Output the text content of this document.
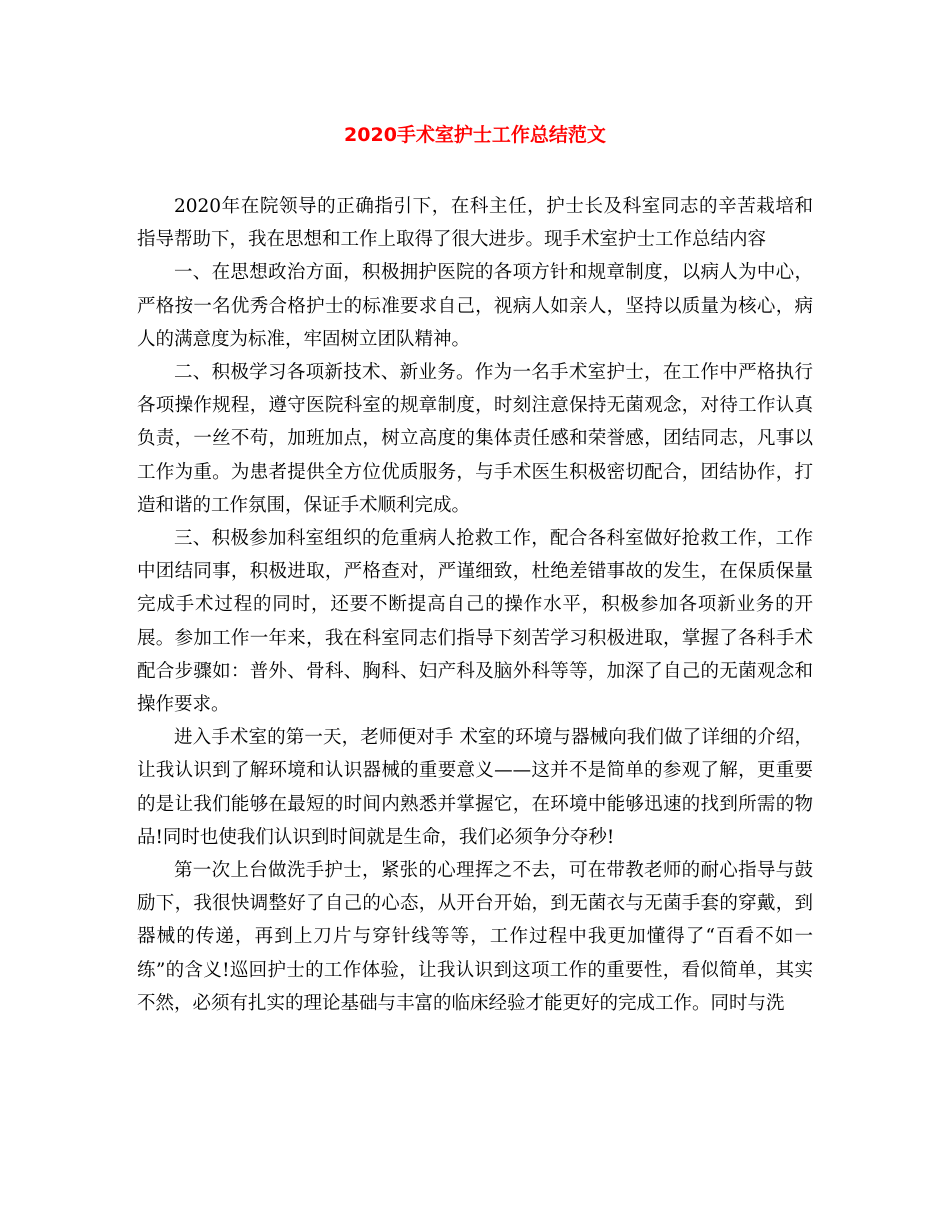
2020手术室护士工作总结范文

2020年在院领导的正确指引下，在科主任，护士长及科室同志的辛苦栽培和指导帮助下，我在思想和工作上取得了很大进步。现手术室护士工作总结内容

一、在思想政治方面，积极拥护医院的各项方针和规章制度，以病人为中心，严格按一名优秀合格护士的标准要求自己，视病人如亲人，坚持以质量为核心，病人的满意度为标准，牢固树立团队精神。

二、积极学习各项新技术、新业务。作为一名手术室护士，在工作中严格执行各项操作规程，遵守医院科室的规章制度，时刻注意保持无菌观念，对待工作认真负责，一丝不苟，加班加点，树立高度的集体责任感和荣誉感，团结同志，凡事以工作为重。为患者提供全方位优质服务，与手术医生积极密切配合，团结协作，打造和谐的工作氛围，保证手术顺利完成。

三、积极参加科室组织的危重病人抢救工作，配合各科室做好抢救工作，工作中团结同事，积极进取，严格查对，严谨细致，杜绝差错事故的发生，在保质保量完成手术过程的同时，还要不断提高自己的操作水平，积极参加各项新业务的开展。参加工作一年来，我在科室同志们指导下刻苦学习积极进取，掌握了各科手术配合步骤如：普外、骨科、胸科、妇产科及脑外科等等，加深了自己的无菌观念和操作要求。

进入手术室的第一天，老师便对手 术室的环境与器械向我们做了详细的介绍，让我认识到了解环境和认识器械的重要意义——这并不是简单的参观了解，更重要的是让我们能够在最短的时间内熟悉并掌握它，在环境中能够迅速的找到所需的物品!同时也使我们认识到时间就是生命，我们必须争分夺秒!

第一次上台做洗手护士，紧张的心理挥之不去，可在带教老师的耐心指导与鼓励下，我很快调整好了自己的心态，从开台开始，到无菌衣与无菌手套的穿戴，到器械的传递，再到上刀片与穿针线等等，工作过程中我更加懂得了“百看不如一练”的含义!巡回护士的工作体验，让我认识到这项工作的重要性，看似简单，其实不然，必须有扎实的理论基础与丰富的临床经验才能更好的完成工作。同时与洗
